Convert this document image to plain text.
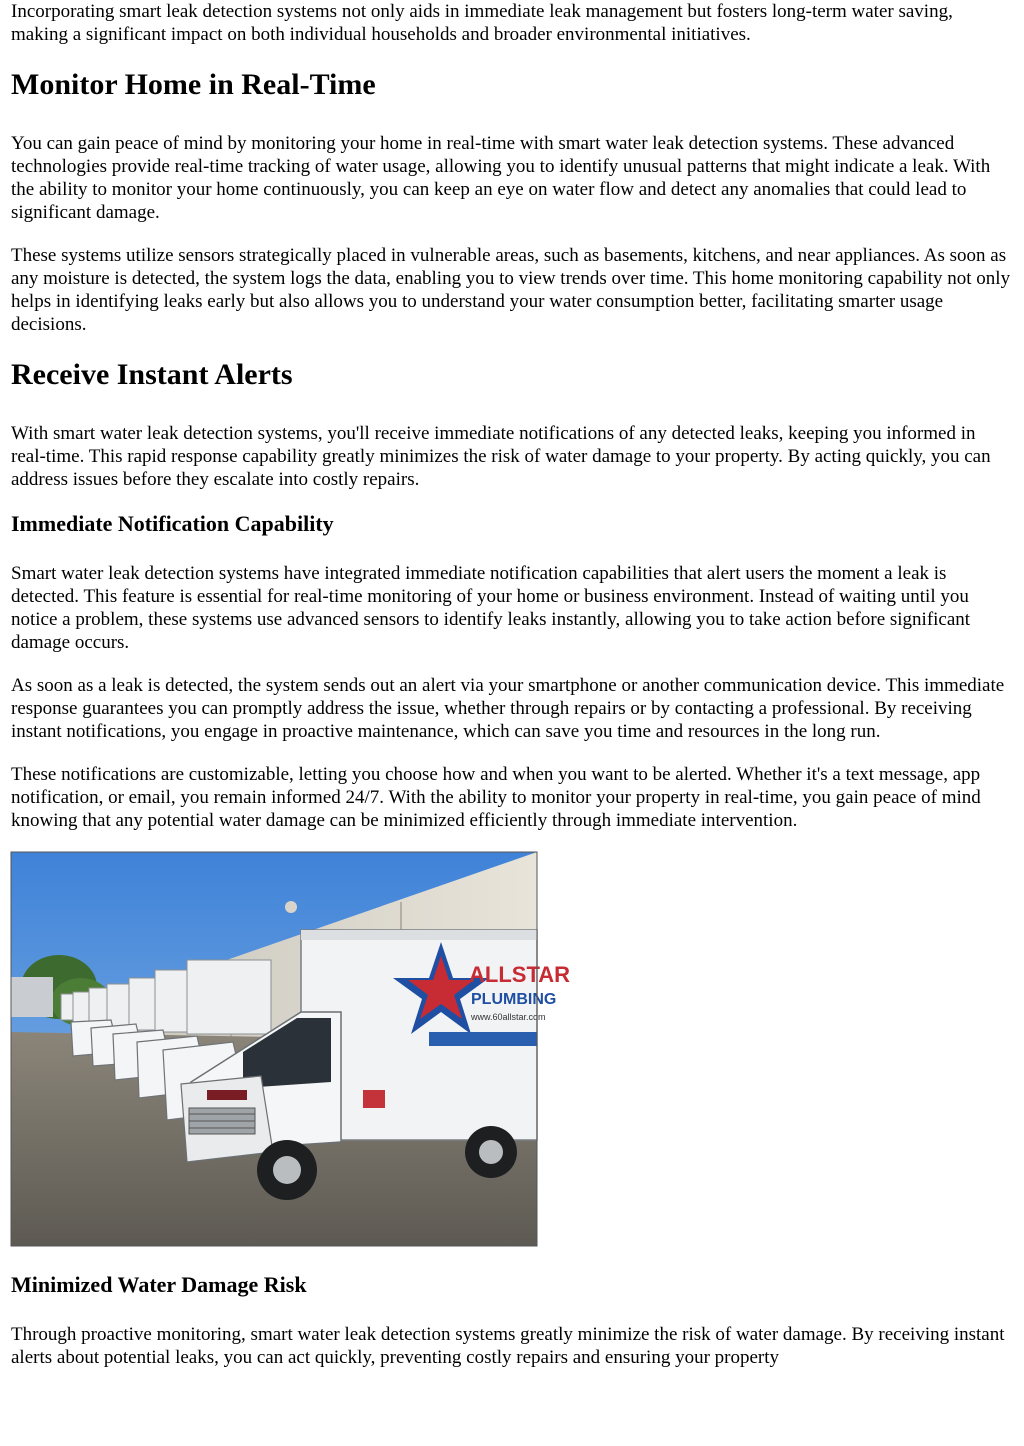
Incorporating smart leak detection systems not only aids in immediate leak management but fosters long-term water saving, making a significant impact on both individual households and broader environmental initiatives.

Monitor Home in Real-Time

You can gain peace of mind by monitoring your home in real-time with smart water leak detection systems. These advanced technologies provide real-time tracking of water usage, allowing you to identify unusual patterns that might indicate a leak. With the ability to monitor your home continuously, you can keep an eye on water flow and detect any anomalies that could lead to significant damage.

These systems utilize sensors strategically placed in vulnerable areas, such as basements, kitchens, and near appliances. As soon as any moisture is detected, the system logs the data, enabling you to view trends over time. This home monitoring capability not only helps in identifying leaks early but also allows you to understand your water consumption better, facilitating smarter usage decisions.

Receive Instant Alerts

With smart water leak detection systems, you'll receive immediate notifications of any detected leaks, keeping you informed in real-time. This rapid response capability greatly minimizes the risk of water damage to your property. By acting quickly, you can address issues before they escalate into costly repairs.

Immediate Notification Capability

Smart water leak detection systems have integrated immediate notification capabilities that alert users the moment a leak is detected. This feature is essential for real-time monitoring of your home or business environment. Instead of waiting until you notice a problem, these systems use advanced sensors to identify leaks instantly, allowing you to take action before significant damage occurs.

As soon as a leak is detected, the system sends out an alert via your smartphone or another communication device. This immediate response guarantees you can promptly address the issue, whether through repairs or by contacting a professional. By receiving instant notifications, you engage in proactive maintenance, which can save you time and resources in the long run.

These notifications are customizable, letting you choose how and when you want to be alerted. Whether it's a text message, app notification, or email, you remain informed 24/7. With the ability to monitor your property in real-time, you gain peace of mind knowing that any potential water damage can be minimized efficiently through immediate intervention.

ALLSTAR
PLUMBING
www.60allstar.com
Minimized Water Damage Risk

Through proactive monitoring, smart water leak detection systems greatly minimize the risk of water damage. By receiving instant alerts about potential leaks, you can act quickly, preventing costly repairs and ensuring your property
